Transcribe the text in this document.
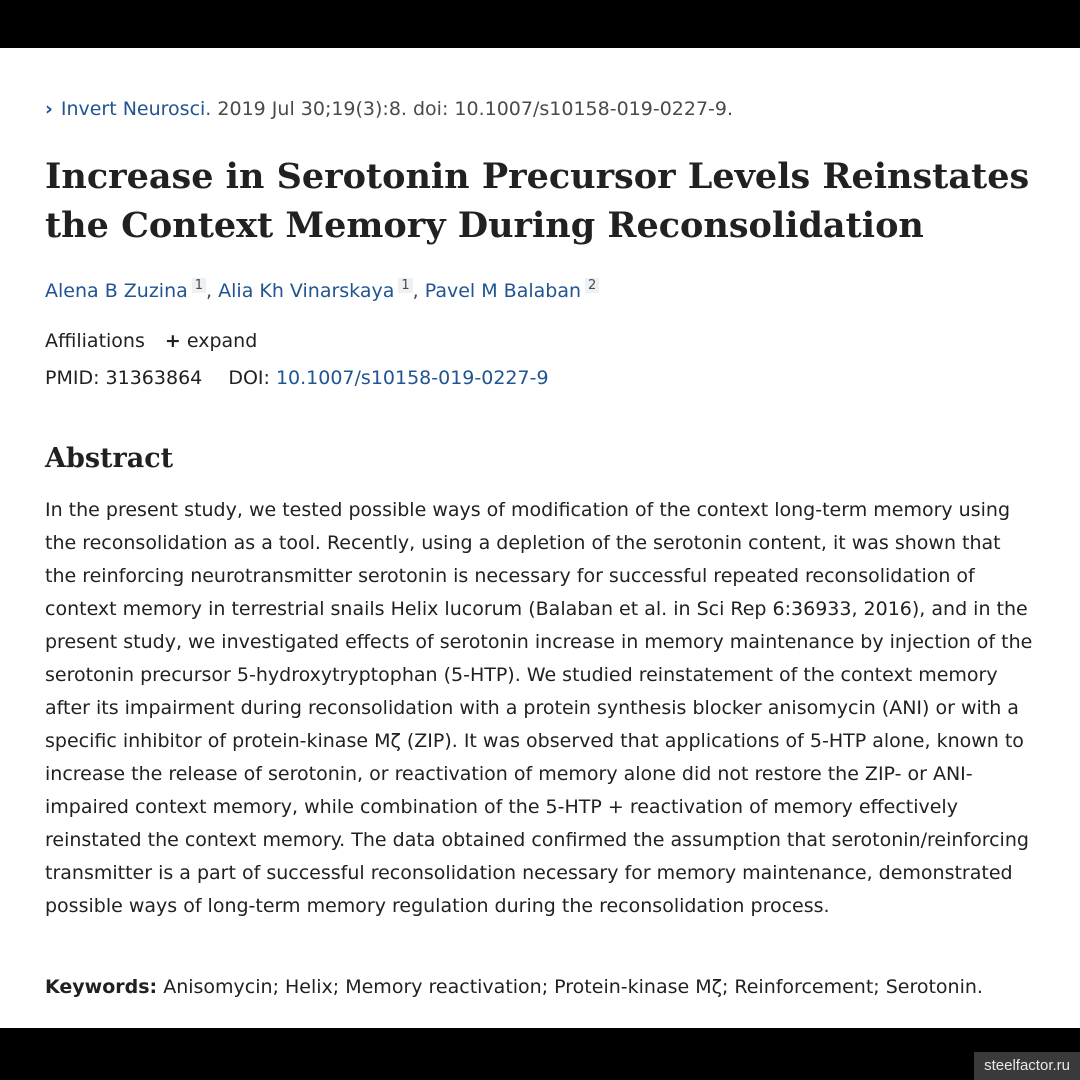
› Invert Neurosci. 2019 Jul 30;19(3):8. doi: 10.1007/s10158-019-0227-9.
Increase in Serotonin Precursor Levels Reinstates the Context Memory During Reconsolidation
Alena B Zuzina 1 , Alia Kh Vinarskaya 1 , Pavel M Balaban 2
Affiliations + expand
PMID: 31363864 DOI: 10.1007/s10158-019-0227-9
Abstract

In the present study, we tested possible ways of modification of the context long-term memory using the reconsolidation as a tool. Recently, using a depletion of the serotonin content, it was shown that the reinforcing neurotransmitter serotonin is necessary for successful repeated reconsolidation of context memory in terrestrial snails Helix lucorum (Balaban et al. in Sci Rep 6:36933, 2016), and in the present study, we investigated effects of serotonin increase in memory maintenance by injection of the serotonin precursor 5-hydroxytryptophan (5-HTP). We studied reinstatement of the context memory after its impairment during reconsolidation with a protein synthesis blocker anisomycin (ANI) or with a specific inhibitor of protein-kinase Mζ (ZIP). It was observed that applications of 5-HTP alone, known to increase the release of serotonin, or reactivation of memory alone did not restore the ZIP- or ANI-impaired context memory, while combination of the 5-HTP + reactivation of memory effectively reinstated the context memory. The data obtained confirmed the assumption that serotonin/reinforcing transmitter is a part of successful reconsolidation necessary for memory maintenance, demonstrated possible ways of long-term memory regulation during the reconsolidation process.

Keywords: Anisomycin; Helix; Memory reactivation; Protein-kinase Mζ; Reinforcement; Serotonin.
steelfactor.ru
